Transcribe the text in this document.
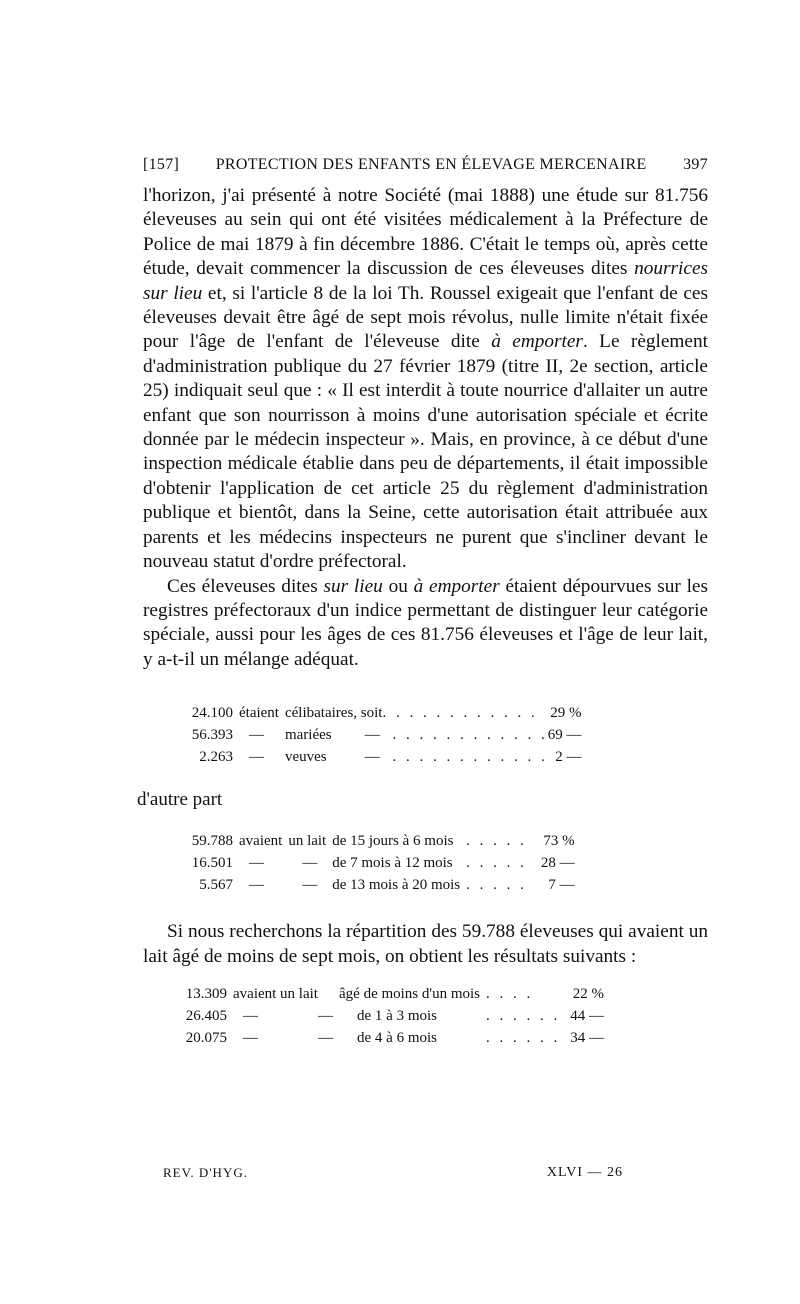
[157] PROTECTION DES ENFANTS EN ÉLEVAGE MERCENAIRE 397

l'horizon, j'ai présenté à notre Société (mai 1888) une étude sur 81.756 éleveuses au sein qui ont été visitées médicalement à la Préfecture de Police de mai 1879 à fin décembre 1886. C'était le temps où, après cette étude, devait commencer la discussion de ces éleveuses dites nourrices sur lieu et, si l'article 8 de la loi Th. Roussel exigeait que l'enfant de ces éleveuses devait être âgé de sept mois révolus, nulle limite n'était fixée pour l'âge de l'enfant de l'éleveuse dite à emporter. Le règlement d'administration publique du 27 février 1879 (titre II, 2e section, article 25) indiquait seul que : « Il est interdit à toute nourrice d'allaiter un autre enfant que son nourrisson à moins d'une autorisation spéciale et écrite donnée par le médecin inspecteur ». Mais, en province, à ce début d'une inspection médicale établie dans peu de départements, il était impossible d'obtenir l'application de cet article 25 du règlement d'administration publique et bientôt, dans la Seine, cette autorisation était attribuée aux parents et les médecins inspecteurs ne purent que s'incliner devant le nouveau statut d'ordre préfectoral.

Ces éleveuses dites sur lieu ou à emporter étaient dépourvues sur les registres préfectoraux d'un indice permettant de distinguer leur catégorie spéciale, aussi pour les âges de ces 81.756 éleveuses et l'âge de leur lait, y a-t-il un mélange adéquat.

24.100	étaient	célibataires, soit		. . . . . . . . . . . .	29 %
56.393	—	mariées	—	. . . . . . . . . . . .	69 —
2.263	—	veuves	—	. . . . . . . . . . . .	2 —
d'autre part
59.788	avaient	un lait	de 15 jours à 6 mois	. . . . .	73 %
16.501	—	—	de 7 mois à 12 mois	. . . . .	28 —
5.567	—	—	de 13 mois à 20 mois	. . . . .	7 —

Si nous recherchons la répartition des 59.788 éleveuses qui avaient un lait âgé de moins de sept mois, on obtient les résultats suivants :

13.309	avaient un lait		âgé de moins d'un mois	. . . .	22 %
26.405	—	—	de 1 à 3 mois	. . . . . .	44 —
20.075	—	—	de 4 à 6 mois	. . . . . .	34 —
REV. D'HYG.	XLVI — 26
